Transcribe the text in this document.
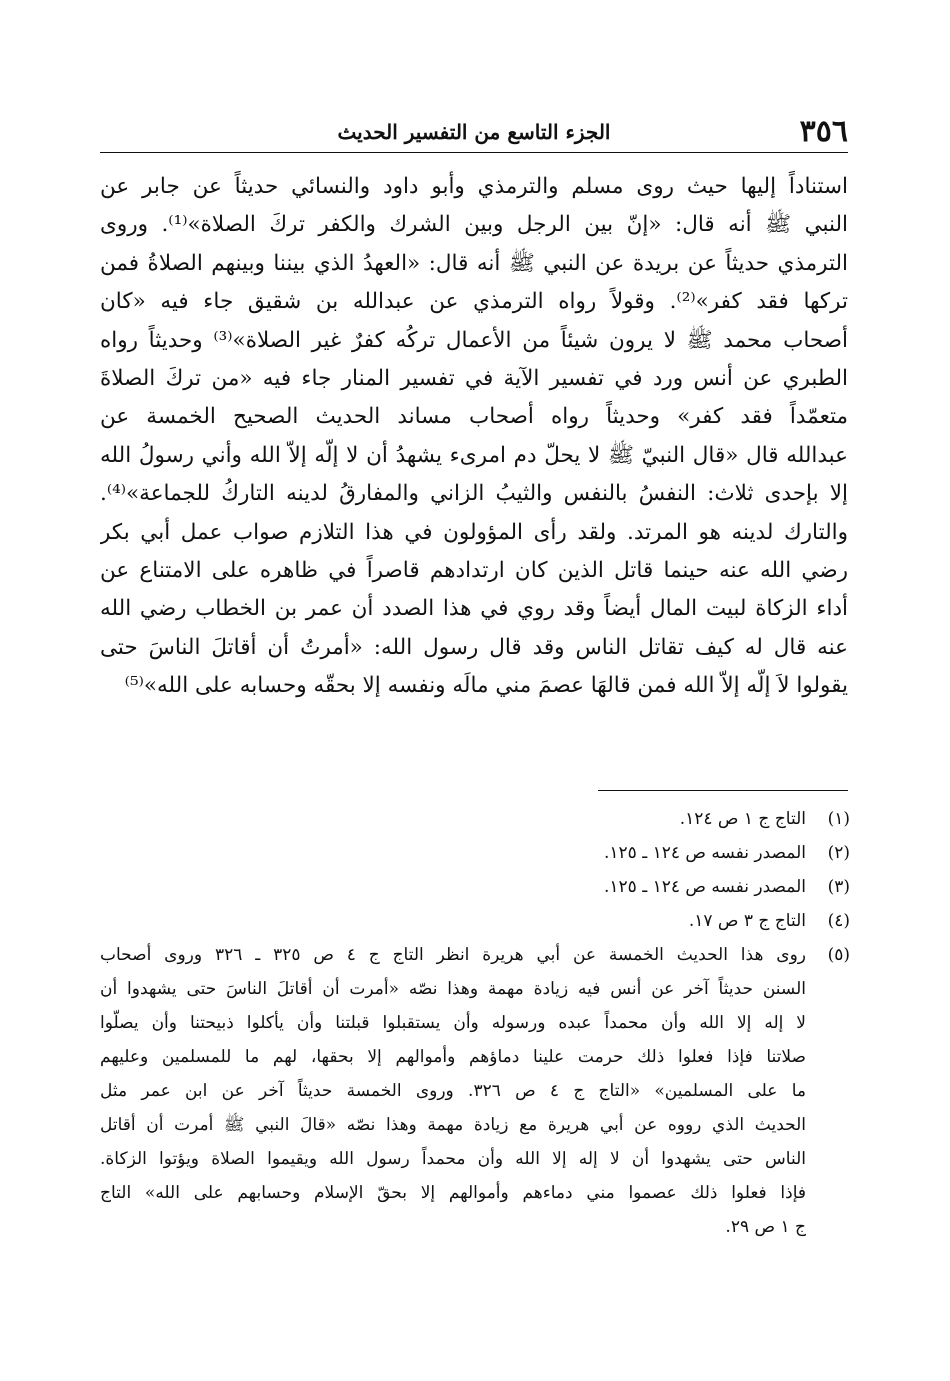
٣٥٦
الجزء التاسع من التفسير الحديث
استناداً إليها حيث روى مسلم والترمذي وأبو داود والنسائي حديثاً عن جابر عن
النبي ﷺ أنه قال: «إنّ بين الرجل وبين الشرك والكفر تركَ الصلاة»⁽¹⁾. وروى
الترمذي حديثاً عن بريدة عن النبي ﷺ أنه قال: «العهدُ الذي بيننا وبينهم الصلاةُ فمن
تركها فقد كفر»⁽²⁾. وقولاً رواه الترمذي عن عبدالله بن شقيق جاء فيه «كان
أصحاب محمد ﷺ لا يرون شيئاً من الأعمال تركُه كفرٌ غير الصلاة»⁽³⁾ وحديثاً رواه
الطبري عن أنس ورد في تفسير الآية في تفسير المنار جاء فيه «من تركَ الصلاةَ
متعمّداً فقد كفر» وحديثاً رواه أصحاب مساند الحديث الصحيح الخمسة عن
عبدالله قال «قال النبيّ ﷺ لا يحلّ دم امرىء يشهدُ أن لا إلّه إلاّ الله وأني رسولُ الله
إلا بإحدى ثلاث: النفسُ بالنفس والثيبُ الزاني والمفارقُ لدينه التاركُ للجماعة»⁽⁴⁾.
والتارك لدينه هو المرتد. ولقد رأى المؤولون في هذا التلازم صواب عمل أبي بكر
رضي الله عنه حينما قاتل الذين كان ارتدادهم قاصراً في ظاهره على الامتناع عن
أداء الزكاة لبيت المال أيضاً وقد روي في هذا الصدد أن عمر بن الخطاب رضي الله
عنه قال له كيف تقاتل الناس وقد قال رسول الله: «أمرتُ أن أقاتلَ الناسَ حتى
يقولوا لاَ إلّه إلاّ الله فمن قالهَا عصمَ مني مالَه ونفسه إلا بحقّه وحسابه على الله»⁽⁵⁾
(١)
التاج ج ١ ص ١٢٤.
(٢)
المصدر نفسه ص ١٢٤ ـ ١٢٥.
(٣)
المصدر نفسه ص ١٢٤ ـ ١٢٥.
(٤)
التاج ج ٣ ص ١٧.
(٥)
روى هذا الحديث الخمسة عن أبي هريرة انظر التاج ج ٤ ص ٣٢٥ ـ ٣٢٦ وروى أصحاب
السنن حديثاً آخر عن أنس فيه زيادة مهمة وهذا نصّه «أمرت أن أقاتلَ الناسَ حتى يشهدوا أن
لا إله إلا الله وأن محمداً عبده ورسوله وأن يستقبلوا قبلتنا وأن يأكلوا ذبيحتنا وأن يصلّوا
صلاتنا فإذا فعلوا ذلك حرمت علينا دماؤهم وأموالهم إلا بحقها، لهم ما للمسلمين وعليهم
ما على المسلمين» «التاج ج ٤ ص ٣٢٦. وروى الخمسة حديثاً آخر عن ابن عمر مثل
الحديث الذي رووه عن أبي هريرة مع زيادة مهمة وهذا نصّه «قالَ النبي ﷺ أمرت أن أقاتل
الناس حتى يشهدوا أن لا إله إلا الله وأن محمداً رسول الله ويقيموا الصلاة ويؤتوا الزكاة.
فإذا فعلوا ذلك عصموا مني دماءهم وأموالهم إلا بحقّ الإسلام وحسابهم على الله» التاج
ج ١ ص ٢٩.
